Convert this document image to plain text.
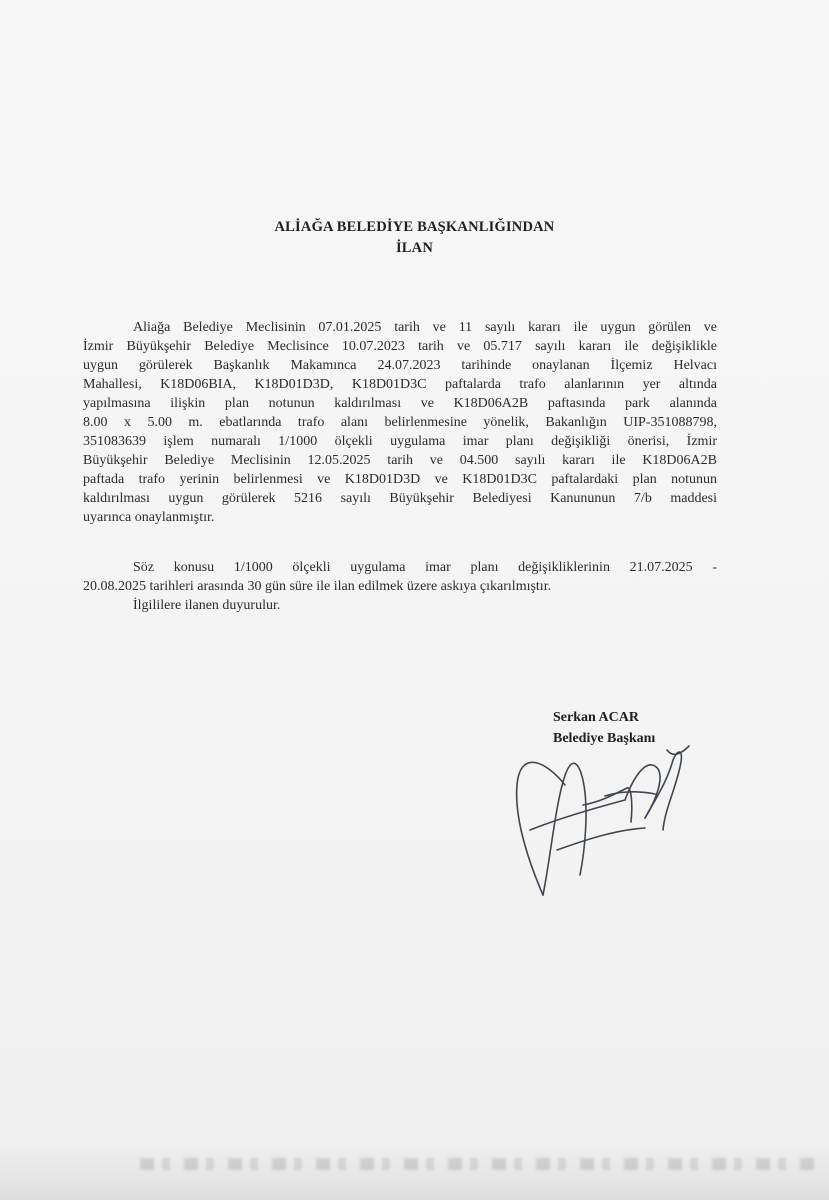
ALİAĞA BELEDİYE BAŞKANLIĞINDAN
İLAN
Aliağa Belediye Meclisinin 07.01.2025 tarih ve 11 sayılı kararı ile uygun görülen ve
İzmir Büyükşehir Belediye Meclisince 10.07.2023 tarih ve 05.717 sayılı kararı ile değişiklikle
uygun görülerek Başkanlık Makamınca 24.07.2023 tarihinde onaylanan İlçemiz Helvacı
Mahallesi, K18D06BIA, K18D01D3D, K18D01D3C paftalarda trafo alanlarının yer altında
yapılmasına ilişkin plan notunun kaldırılması ve K18D06A2B paftasında park alanında
8.00 x 5.00 m. ebatlarında trafo alanı belirlenmesine yönelik, Bakanlığın UIP-351088798,
351083639 işlem numaralı 1/1000 ölçekli uygulama imar planı değişikliği önerisi, İzmir
Büyükşehir Belediye Meclisinin 12.05.2025 tarih ve 04.500 sayılı kararı ile K18D06A2B
paftada trafo yerinin belirlenmesi ve K18D01D3D ve K18D01D3C paftalardaki plan notunun
kaldırılması uygun görülerek 5216 sayılı Büyükşehir Belediyesi Kanununun 7/b maddesi
uyarınca onaylanmıştır.
Söz konusu 1/1000 ölçekli uygulama imar planı değişikliklerinin 21.07.2025 -
20.08.2025 tarihleri arasında 30 gün süre ile ilan edilmek üzere askıya çıkarılmıştır.
İlgililere ilanen duyurulur.
Serkan ACAR
Belediye Başkanı
